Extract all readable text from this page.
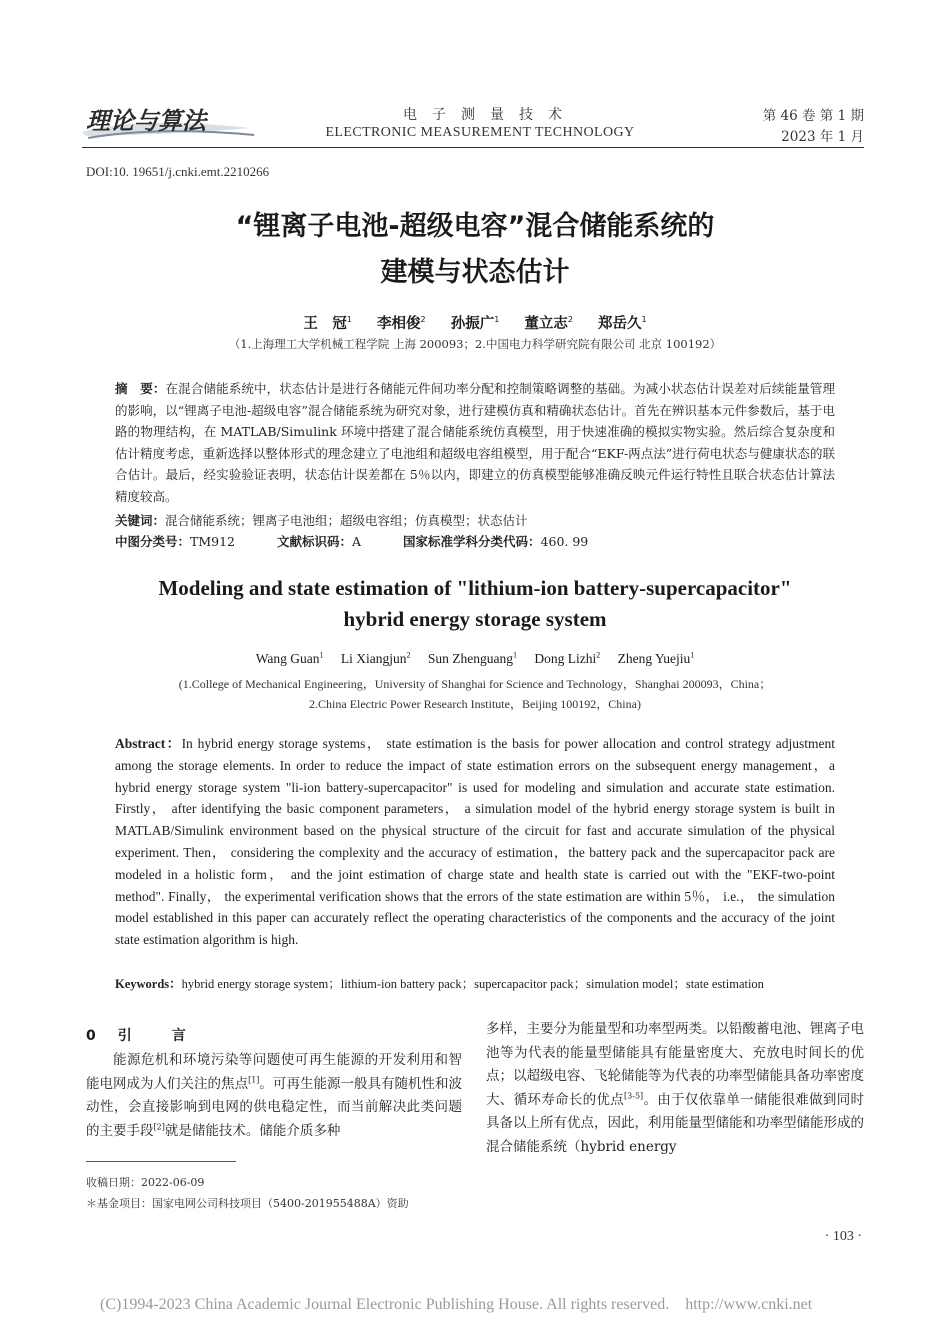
理论与算法	电子测量技术
ELECTRONIC MEASUREMENT TECHNOLOGY
第 46 卷 第 1 期
2023 年 1 月
DOI:10. 19651/j.cnki.emt.2210266
“锂离子电池-超级电容”混合储能系统的
建模与状态估计
王　冠$^1$ 李相俊$^2$ 孙振广$^1$ 董立志$^2$ 郑岳久$^1$
（1.上海理工大学机械工程学院 上海 200093；2.中国电力科学研究院有限公司 北京 100192）
摘　要：在混合储能系统中，状态估计是进行各储能元件间功率分配和控制策略调整的基础。为减小状态估计误差对后续能量管理的影响，以“锂离子电池-超级电容”混合储能系统为研究对象，进行建模仿真和精确状态估计。首先在辨识基本元件参数后，基于电路的物理结构，在 MATLAB/Simulink 环境中搭建了混合储能系统仿真模型，用于快速准确的模拟实物实验。然后综合复杂度和估计精度考虑，重新选择以整体形式的理念建立了电池组和超级电容组模型，用于配合“EKF-两点法”进行荷电状态与健康状态的联合估计。最后，经实验验证表明，状态估计误差都在 5％以内，即建立的仿真模型能够准确反映元件运行特性且联合状态估计算法精度较高。
关键词：混合储能系统；锂离子电池组；超级电容组；仿真模型；状态估计
中图分类号：TM912	文献标识码：A	国家标准学科分类代码：460. 99
Modeling and state estimation of "lithium-ion battery-supercapacitor"
hybrid energy storage system
Wang Guan$^1$ Li Xiangjun$^2$ Sun Zhenguang$^1$ Dong Lizhi$^2$ Zheng Yuejiu$^1$
(1.College of Mechanical Engineering，University of Shanghai for Science and Technology，Shanghai 200093，China；
2.China Electric Power Research Institute，Beijing 100192，China)
Abstract：In hybrid energy storage systems， state estimation is the basis for power allocation and control strategy adjustment among the storage elements. In order to reduce the impact of state estimation errors on the subsequent energy management，a hybrid energy storage system "li-ion battery-supercapacitor" is used for modeling and simulation and accurate state estimation. Firstly， after identifying the basic component parameters， a simulation model of the hybrid energy storage system is built in MATLAB/Simulink environment based on the physical structure of the circuit for fast and accurate simulation of the physical experiment. Then， considering the complexity and the accuracy of estimation，the battery pack and the supercapacitor pack are modeled in a holistic form， and the joint estimation of charge state and health state is carried out with the "EKF-two-point method". Finally， the experimental verification shows that the errors of the state estimation are within 5％， i.e.， the simulation model established in this paper can accurately reflect the operating characteristics of the components and the accuracy of the joint state estimation algorithm is high.
Keywords：hybrid energy storage system；lithium-ion battery pack；supercapacitor pack；simulation model；state estimation
0 引	言
能源危机和环境污染等问题使可再生能源的开发利用和智能电网成为人们关注的焦点[1]。可再生能源一般具有随机性和波动性，会直接影响到电网的供电稳定性，而当前解决此类问题的主要手段[2]就是储能技术。储能介质多种
多样，主要分为能量型和功率型两类。以铅酸蓄电池、锂离子电池等为代表的能量型储能具有能量密度大、充放电时间长的优点；以超级电容、飞轮储能等为代表的功率型储能具备功率密度大、循环寿命长的优点[3-5]。由于仅依靠单一储能很难做到同时具备以上所有优点，因此，利用能量型储能和功率型储能形成的混合储能系统（hybrid energy
收稿日期：2022-06-09
＊基金项目：国家电网公司科技项目（5400-201955488A）资助
· 103 ·
(C)1994-2023 China Academic Journal Electronic Publishing House. All rights reserved. http://www.cnki.net
